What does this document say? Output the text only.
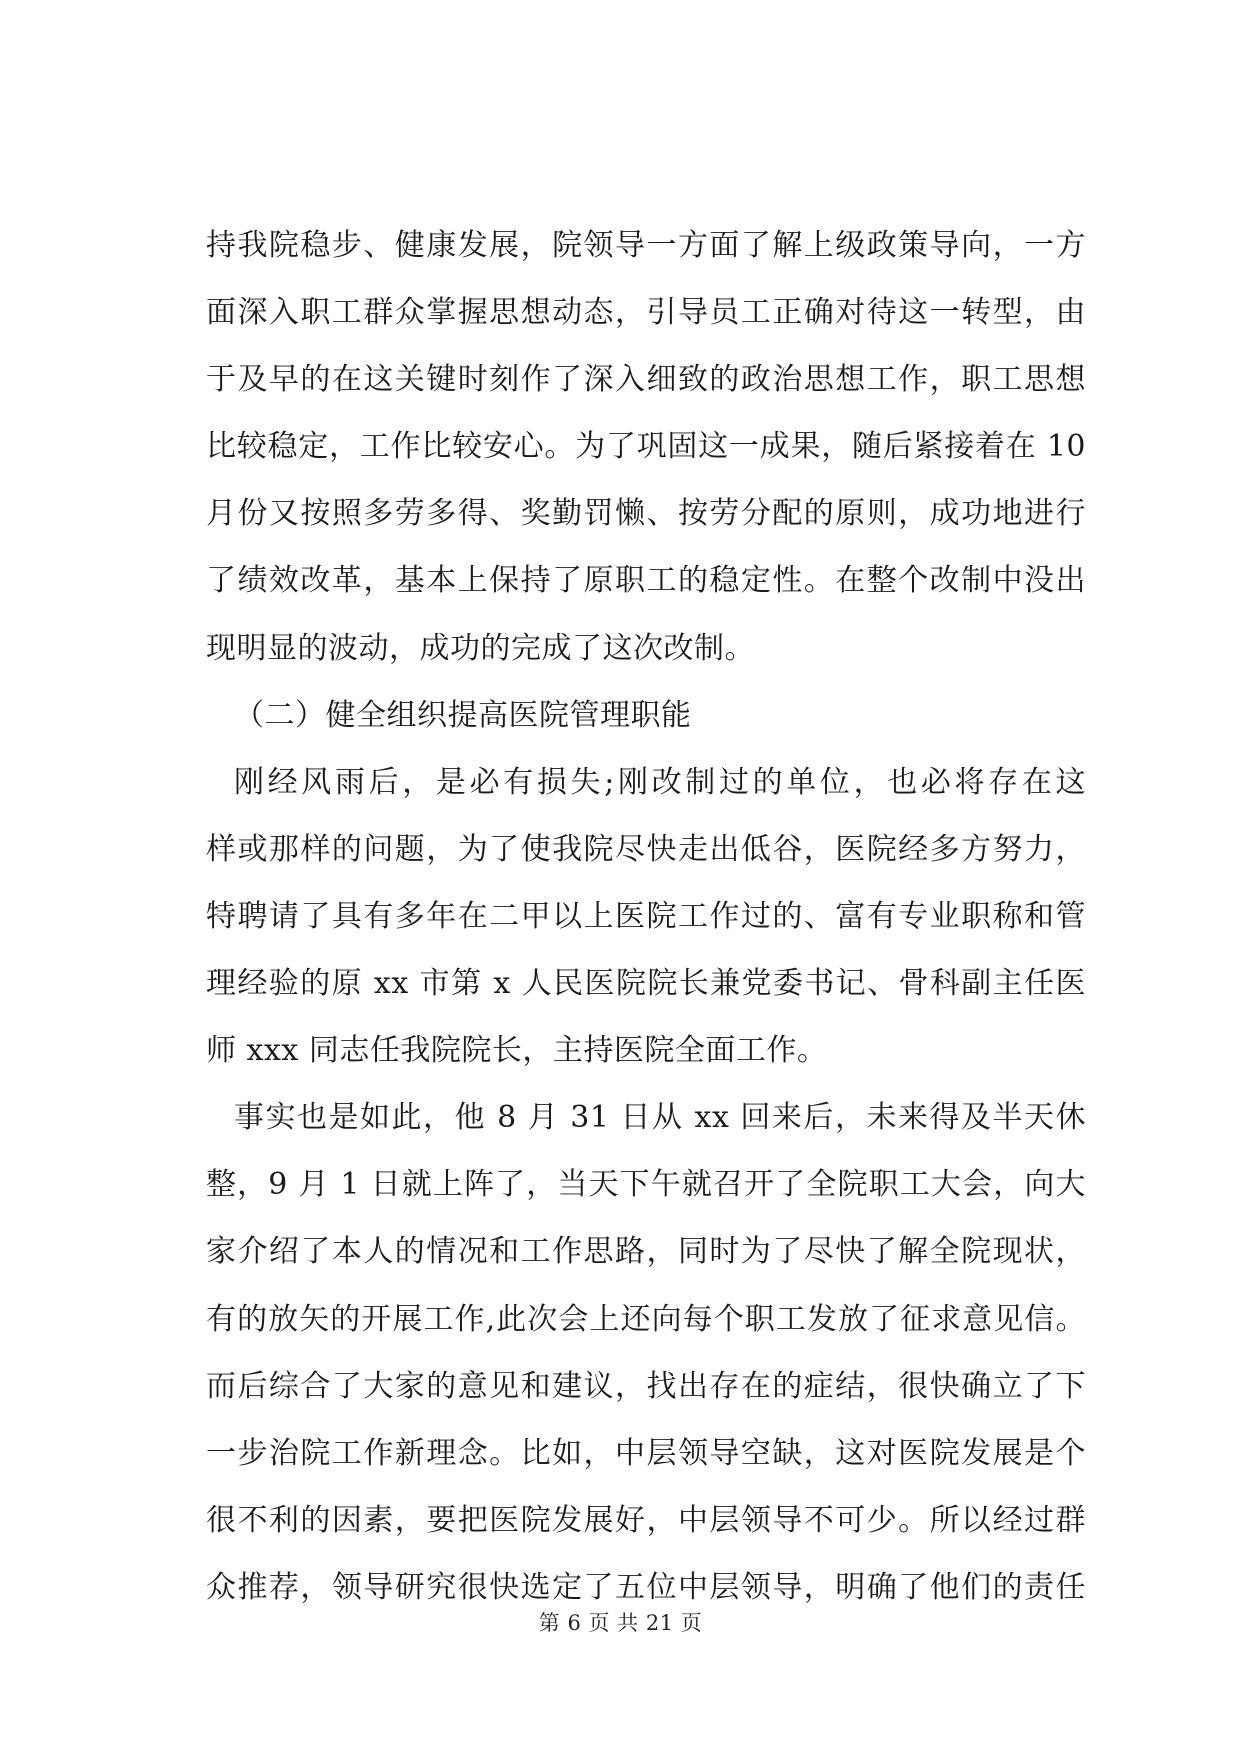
持我院稳步、健康发展，院领导一方面了解上级政策导向，一方
面深入职工群众掌握思想动态，引导员工正确对待这一转型，由
于及早的在这关键时刻作了深入细致的政治思想工作，职工思想
比较稳定，工作比较安心。为了巩固这一成果，随后紧接着在 10
月份又按照多劳多得、奖勤罚懒、按劳分配的原则，成功地进行
了绩效改革，基本上保持了原职工的稳定性。在整个改制中没出
现明显的波动，成功的完成了这次改制。
（二）健全组织提高医院管理职能
刚经风雨后，是必有损失;刚改制过的单位，也必将存在这
样或那样的问题，为了使我院尽快走出低谷，医院经多方努力，
特聘请了具有多年在二甲以上医院工作过的、富有专业职称和管
理经验的原 xx 市第 x 人民医院院长兼党委书记、骨科副主任医
师 xxx 同志任我院院长，主持医院全面工作。
事实也是如此，他 8 月 31 日从 xx 回来后，未来得及半天休
整，9 月 1 日就上阵了，当天下午就召开了全院职工大会，向大
家介绍了本人的情况和工作思路，同时为了尽快了解全院现状，
有的放矢的开展工作,此次会上还向每个职工发放了征求意见信。
而后综合了大家的意见和建议，找出存在的症结，很快确立了下
一步治院工作新理念。比如，中层领导空缺，这对医院发展是个
很不利的因素，要把医院发展好，中层领导不可少。所以经过群
众推荐，领导研究很快选定了五位中层领导，明确了他们的责任
第 6 页 共 21 页
